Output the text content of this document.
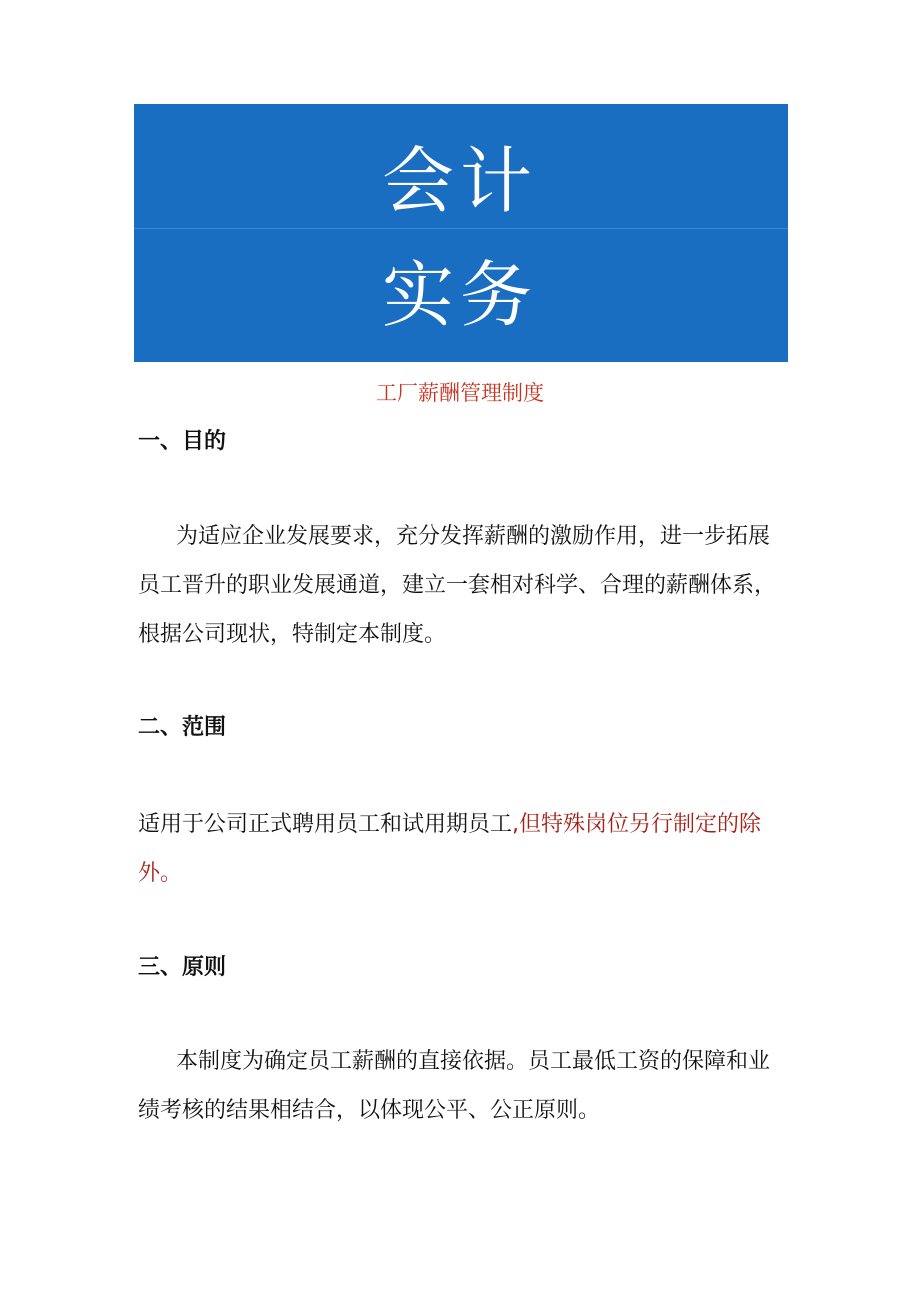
会计
实务
工厂薪酬管理制度
一、目的
为适应企业发展要求，充分发挥薪酬的激励作用，进一步拓展员工晋升的职业发展通道，建立一套相对科学、合理的薪酬体系，根据公司现状，特制定本制度。
二、范围
适用于公司正式聘用员工和试用期员工,但特殊岗位另行制定的除外。
三、原则
本制度为确定员工薪酬的直接依据。员工最低工资的保障和业绩考核的结果相结合，以体现公平、公正原则。
